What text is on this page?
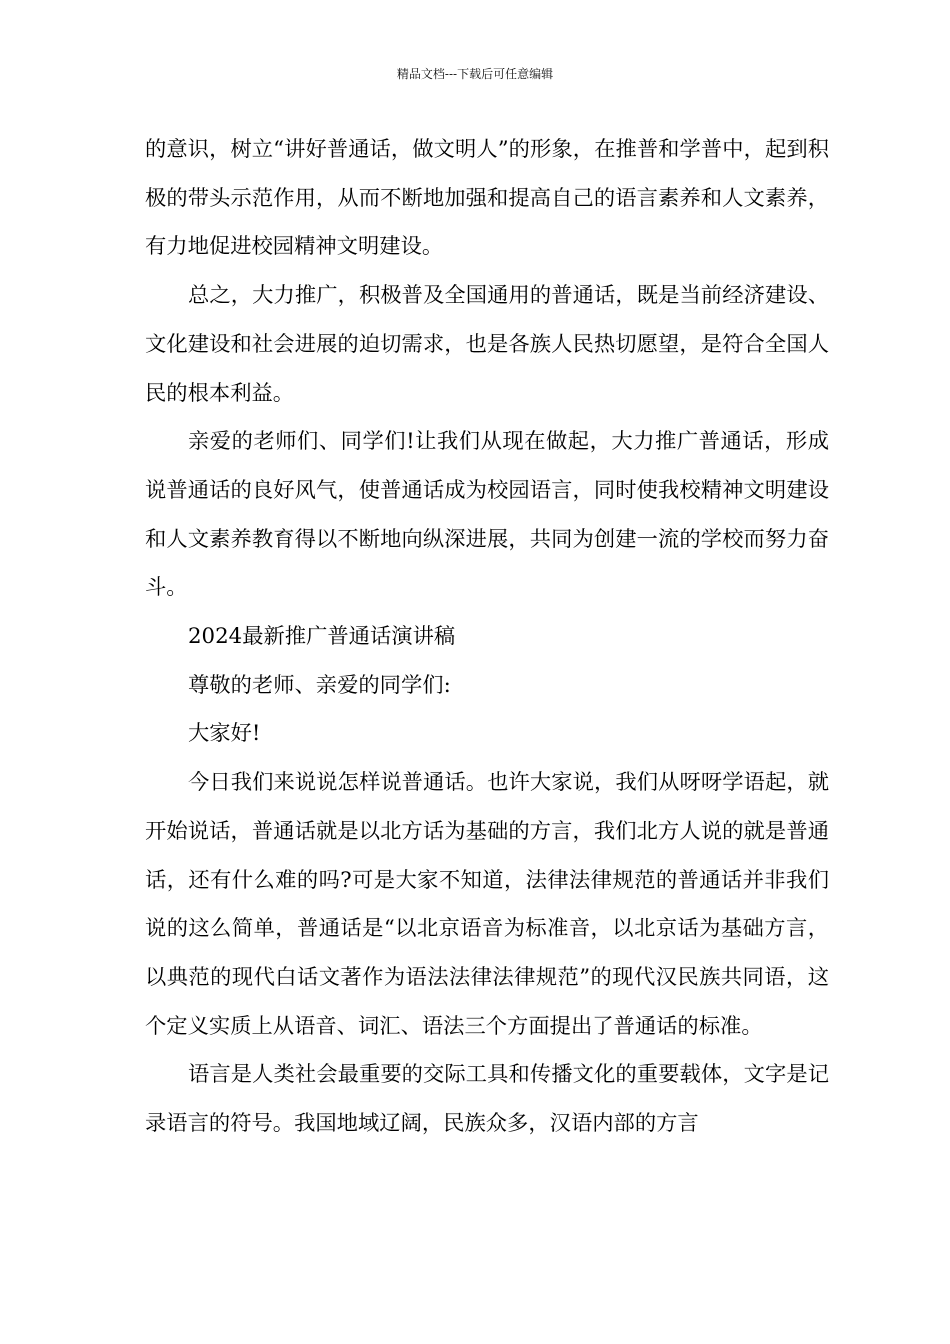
精品文档---下载后可任意编辑

的意识，树立“讲好普通话，做文明人”的形象，在推普和学普中，起到积极的带头示范作用，从而不断地加强和提高自己的语言素养和人文素养，有力地促进校园精神文明建设。

总之，大力推广，积极普及全国通用的普通话，既是当前经济建设、文化建设和社会进展的迫切需求，也是各族人民热切愿望，是符合全国人民的根本利益。

亲爱的老师们、同学们!让我们从现在做起，大力推广普通话，形成说普通话的良好风气，使普通话成为校园语言，同时使我校精神文明建设和人文素养教育得以不断地向纵深进展，共同为创建一流的学校而努力奋斗。

2024最新推广普通话演讲稿

尊敬的老师、亲爱的同学们:

大家好!

今日我们来说说怎样说普通话。也许大家说，我们从呀呀学语起，就开始说话，普通话就是以北方话为基础的方言，我们北方人说的就是普通话，还有什么难的吗?可是大家不知道，法律法律规范的普通话并非我们说的这么简单，普通话是“以北京语音为标准音，以北京话为基础方言，以典范的现代白话文著作为语法法律法律规范”的现代汉民族共同语，这个定义实质上从语音、词汇、语法三个方面提出了普通话的标准。

语言是人类社会最重要的交际工具和传播文化的重要载体，文字是记录语言的符号。我国地域辽阔，民族众多，汉语内部的方言
